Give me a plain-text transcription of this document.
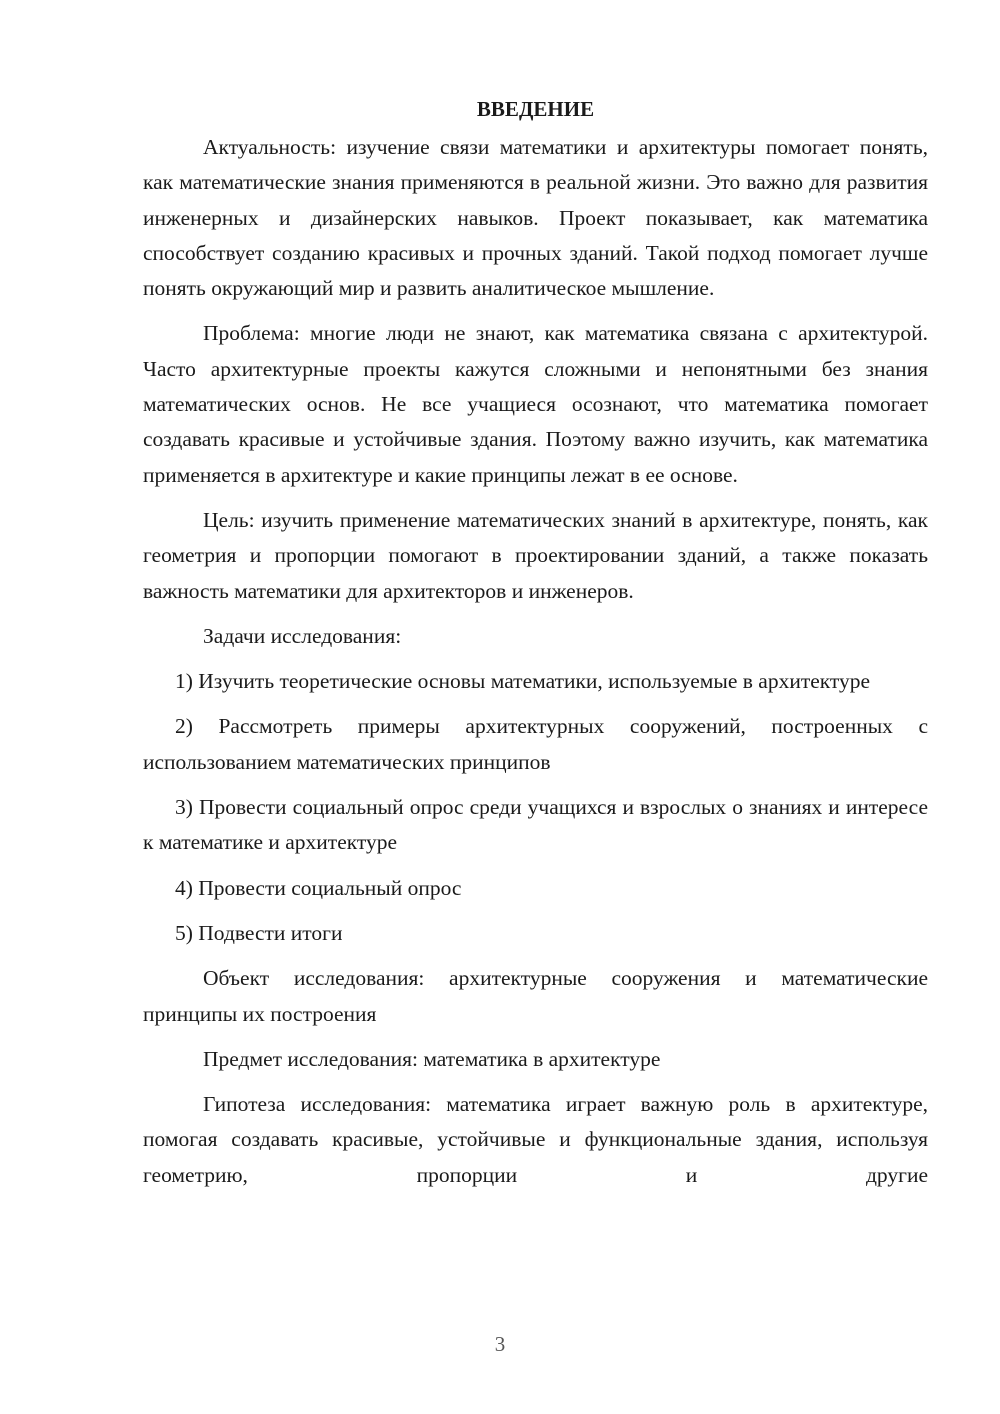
ВВЕДЕНИЕ
Актуальность: изучение связи математики и архитектуры помогает понять, как математические знания применяются в реальной жизни. Это важно для развития инженерных и дизайнерских навыков. Проект показывает, как математика способствует созданию красивых и прочных зданий. Такой подход помогает лучше понять окружающий мир и развить аналитическое мышление.
Проблема: многие люди не знают, как математика связана с архитектурой. Часто архитектурные проекты кажутся сложными и непонятными без знания математических основ. Не все учащиеся осознают, что математика помогает создавать красивые и устойчивые здания. Поэтому важно изучить, как математика применяется в архитектуре и какие принципы лежат в ее основе.
Цель: изучить применение математических знаний в архитектуре, понять, как геометрия и пропорции помогают в проектировании зданий, а также показать важность математики для архитекторов и инженеров.
Задачи исследования:
1) Изучить теоретические основы математики, используемые в архитектуре
2) Рассмотреть примеры архитектурных сооружений, построенных с использованием математических принципов
3) Провести социальный опрос среди учащихся и взрослых о знаниях и интересе к математике и архитектуре
4) Провести социальный опрос
5) Подвести итоги
Объект исследования: архитектурные сооружения и математические принципы их построения
Предмет исследования: математика в архитектуре
Гипотеза исследования: математика играет важную роль в архитектуре, помогая создавать красивые, устойчивые и функциональные здания, используя геометрию, пропорции и другие
3
